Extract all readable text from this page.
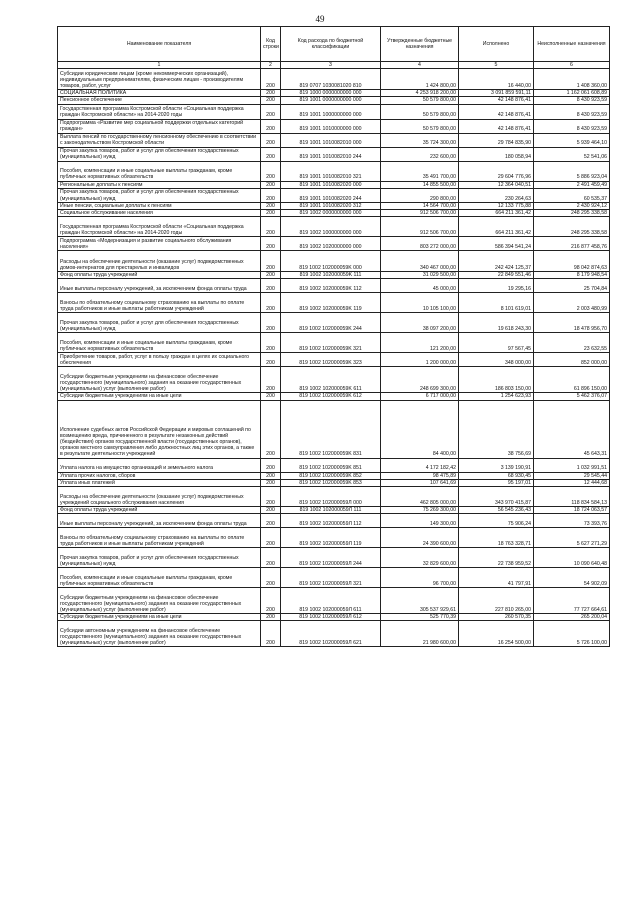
49
Наименование показателя	Код строки	Код расхода по бюджетной классификации	Утвержденные бюджетные назначения	Исполнено	Неисполненные назначения
1	2	3	4	5	6
Субсидии юридическим лицам (кроме некоммерческих организаций), индивидуальным предпринимателям, физическим лицам - производителям товаров, работ, услуг	200	819 0707 1030081020 810	1 424 800,00	16 440,00	1 408 360,00
СОЦИАЛЬНАЯ ПОЛИТИКА	200	819 1000 0000000000 000	4 253 918 200,00	3 091 859 591,11	1 162 061 608,89
Пенсионное обеспечение	200	819 1001 0000000000 000	50 579 800,00	42 148 876,41	8 430 923,59
Государственная программа Костромской области «Социальная поддержка граждан Костромской области» на 2014-2020 годы	200	819 1001 1000000000 000	50 579 800,00	42 148 876,41	8 430 923,59
Подпрограмма «Развитие мер социальной поддержки отдельных категорий граждан»	200	819 1001 1010000000 000	50 579 800,00	42 148 876,41	8 430 923,59
Выплата пенсий по государственному пенсионному обеспечению в соответствии с законодательством Костромской области	200	819 1001 1010082010 000	35 724 300,00	29 784 835,90	5 939 464,10
Прочая закупка товаров, работ и услуг для обеспечения государственных (муниципальных) нужд	200	819 1001 1010082010 244	232 600,00	180 058,94	52 541,06
Пособия, компенсации и иные социальные выплаты гражданам, кроме публичных нормативных обязательств	200	819 1001 1010082010 321	35 491 700,00	29 604 776,96	5 886 923,04
Региональные доплаты к пенсиям	200	819 1001 1010082020 000	14 855 500,00	12 364 040,51	2 491 459,49
Прочая закупка товаров, работ и услуг для обеспечения государственных (муниципальных) нужд	200	819 1001 1010082020 244	290 800,00	230 264,63	60 535,37
Иные пенсии, социальные доплаты к пенсиям	200	819 1001 1010082020 312	14 564 700,00	12 133 775,88	2 430 924,12
Социальное обслуживание населения	200	819 1002 0000000000 000	912 506 700,00	664 211 361,42	248 295 338,58
Государственная программа Костромской области «Социальная поддержка граждан Костромской области» на 2014-2020 годы	200	819 1002 1000000000 000	912 506 700,00	664 211 361,42	248 295 338,58
Подпрограмма «Модернизация и развитие социального обслуживания населения»	200	819 1002 1020000000 000	803 272 000,00	586 394 541,24	216 877 458,76
Расходы на обеспечение деятельности (оказание услуг) подведомственных домов-интернатов для престарелых и инвалидов	200	819 1002 102000059K 000	340 467 000,00	242 424 125,37	98 042 874,63
Фонд оплаты труда учреждений	200	819 1002 102000059K 111	31 029 500,00	22 849 551,46	8 179 948,54
Иные выплаты персоналу учреждений, за исключением фонда оплаты труда	200	819 1002 102000059K 112	45 000,00	19 295,16	25 704,84
Взносы по обязательному социальному страхованию на выплаты по оплате труда работников и иные выплаты работникам учреждений	200	819 1002 102000059K 119	10 105 100,00	8 101 619,01	2 003 480,99
Прочая закупка товаров, работ и услуг для обеспечения государственных (муниципальных) нужд	200	819 1002 102000059K 244	38 097 200,00	19 618 243,30	18 478 956,70
Пособия, компенсации и иные социальные выплаты гражданам, кроме публичных нормативных обязательств	200	819 1002 102000059K 321	121 200,00	97 567,45	23 632,55
Приобретение товаров, работ, услуг в пользу граждан в целях их социального обеспечения	200	819 1002 102000059K 323	1 200 000,00	348 000,00	852 000,00
Субсидии бюджетным учреждениям на финансовое обеспечение государственного (муниципального) задания на оказание государственных (муниципальных) услуг (выполнение работ)	200	819 1002 102000059K 611	248 699 300,00	186 803 150,00	61 896 150,00
Субсидии бюджетным учреждениям на иные цели	200	819 1002 102000059K 612	6 717 000,00	1 254 623,93	5 462 376,07
Исполнение судебных актов Российской Федерации и мировых соглашений по возмещению вреда, причиненного в результате незаконных действий (бездействия) органов государственной власти (государственных органов), органов местного самоуправления либо должностных лиц этих органов, а также в результате деятельности учреждений	200	819 1002 102000059K 831	84 400,00	38 756,69	45 643,31
Уплата налога на имущество организаций и земельного налога	200	819 1002 102000059K 851	4 172 182,42	3 139 190,91	1 032 991,51
Уплата прочих налогов, сборов	200	819 1002 102000059K 852	98 475,89	68 930,45	29 545,44
Уплата иных платежей	200	819 1002 102000059K 853	107 641,69	95 197,01	12 444,68
Расходы на обеспечение деятельности (оказание услуг) подведомственных учреждений социального обслуживания населения	200	819 1002 102000059Л 000	462 805 000,00	343 970 415,87	118 834 584,13
Фонд оплаты труда учреждений	200	819 1002 102000059Л 111	75 269 300,00	56 545 236,43	18 724 063,57
Иные выплаты персоналу учреждений, за исключением фонда оплаты труда	200	819 1002 102000059Л 112	149 300,00	75 906,24	73 393,76
Взносы по обязательному социальному страхованию на выплаты по оплате труда работников и иные выплаты работникам учреждений	200	819 1002 102000059Л 119	24 390 600,00	18 763 328,71	5 627 271,29
Прочая закупка товаров, работ и услуг для обеспечения государственных (муниципальных) нужд	200	819 1002 102000059Л 244	32 829 600,00	22 738 959,52	10 090 640,48
Пособия, компенсации и иные социальные выплаты гражданам, кроме публичных нормативных обязательств	200	819 1002 102000059Л 321	96 700,00	41 797,91	54 902,09
Субсидии бюджетным учреждениям на финансовое обеспечение государственного (муниципального) задания на оказание государственных (муниципальных) услуг (выполнение работ)	200	819 1002 102000059Л 611	305 537 929,61	227 810 265,00	77 727 664,61
Субсидии бюджетным учреждениям на иные цели	200	819 1002 102000059Л 612	525 770,39	260 570,35	265 200,04
Субсидии автономным учреждениям на финансовое обеспечение государственного (муниципального) задания на оказание государственных (муниципальных) услуг (выполнение работ)	200	819 1002 102000059Л 621	21 980 600,00	16 254 500,00	5 726 100,00
